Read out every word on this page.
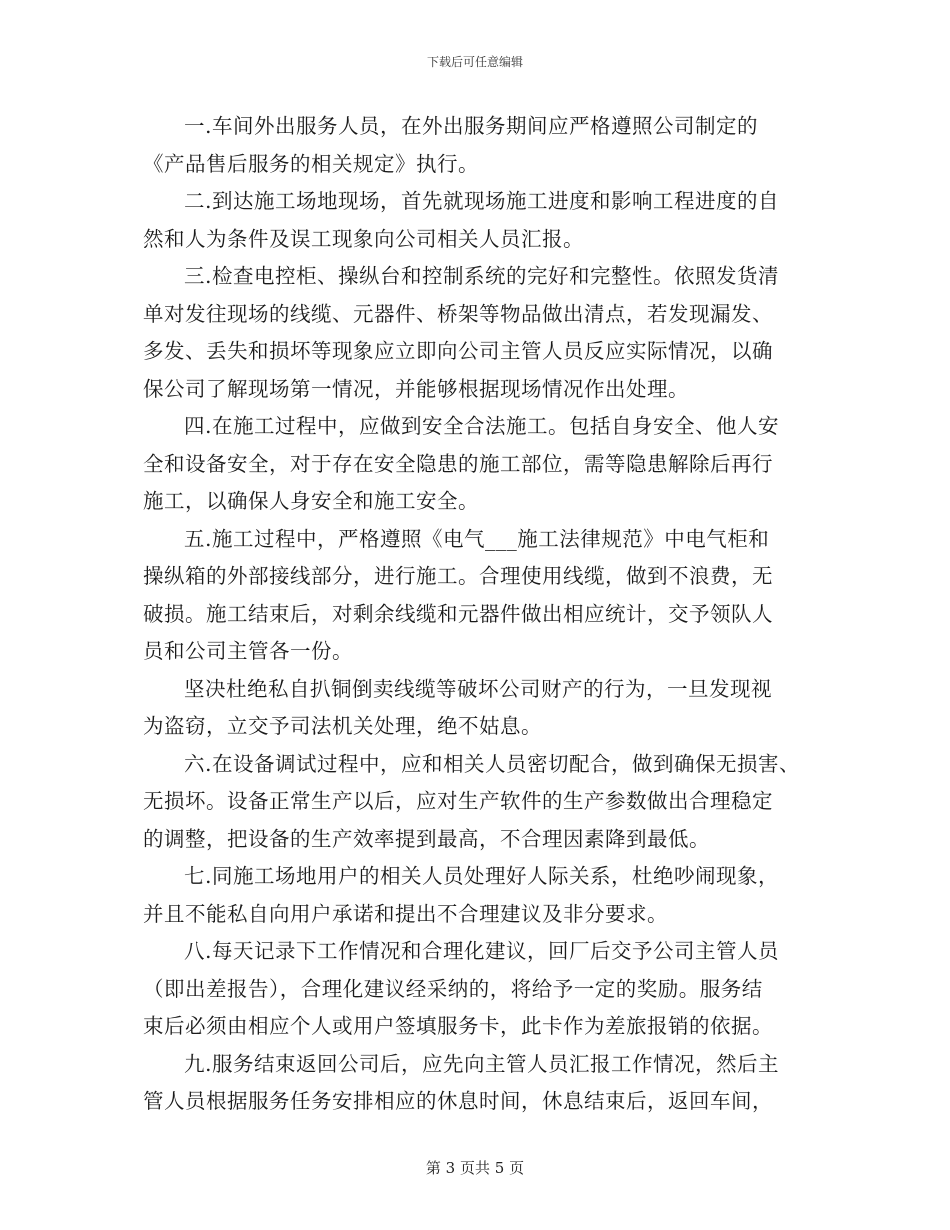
下载后可任意编辑

一.车间外出服务人员，在外出服务期间应严格遵照公司制定的
《产品售后服务的相关规定》执行。

二.到达施工场地现场，首先就现场施工进度和影响工程进度的自
然和人为条件及误工现象向公司相关人员汇报。

三.检查电控柜、操纵台和控制系统的完好和完整性。依照发货清
单对发往现场的线缆、元器件、桥架等物品做出清点，若发现漏发、
多发、丢失和损坏等现象应立即向公司主管人员反应实际情况，以确
保公司了解现场第一情况，并能够根据现场情况作出处理。

四.在施工过程中，应做到安全合法施工。包括自身安全、他人安
全和设备安全，对于存在安全隐患的施工部位，需等隐患解除后再行
施工，以确保人身安全和施工安全。

五.施工过程中，严格遵照《电气___施工法律规范》中电气柜和
操纵箱的外部接线部分，进行施工。合理使用线缆，做到不浪费，无
破损。施工结束后，对剩余线缆和元器件做出相应统计，交予领队人
员和公司主管各一份。

坚决杜绝私自扒铜倒卖线缆等破坏公司财产的行为，一旦发现视
为盗窃，立交予司法机关处理，绝不姑息。

六.在设备调试过程中，应和相关人员密切配合，做到确保无损害、
无损坏。设备正常生产以后，应对生产软件的生产参数做出合理稳定
的调整，把设备的生产效率提到最高，不合理因素降到最低。

七.同施工场地用户的相关人员处理好人际关系，杜绝吵闹现象，
并且不能私自向用户承诺和提出不合理建议及非分要求。

八.每天记录下工作情况和合理化建议，回厂后交予公司主管人员
（即出差报告），合理化建议经采纳的，将给予一定的奖励。服务结
束后必须由相应个人或用户签填服务卡，此卡作为差旅报销的依据。

九.服务结束返回公司后，应先向主管人员汇报工作情况，然后主
管人员根据服务任务安排相应的休息时间，休息结束后，返回车间，

第 3 页共 5 页
